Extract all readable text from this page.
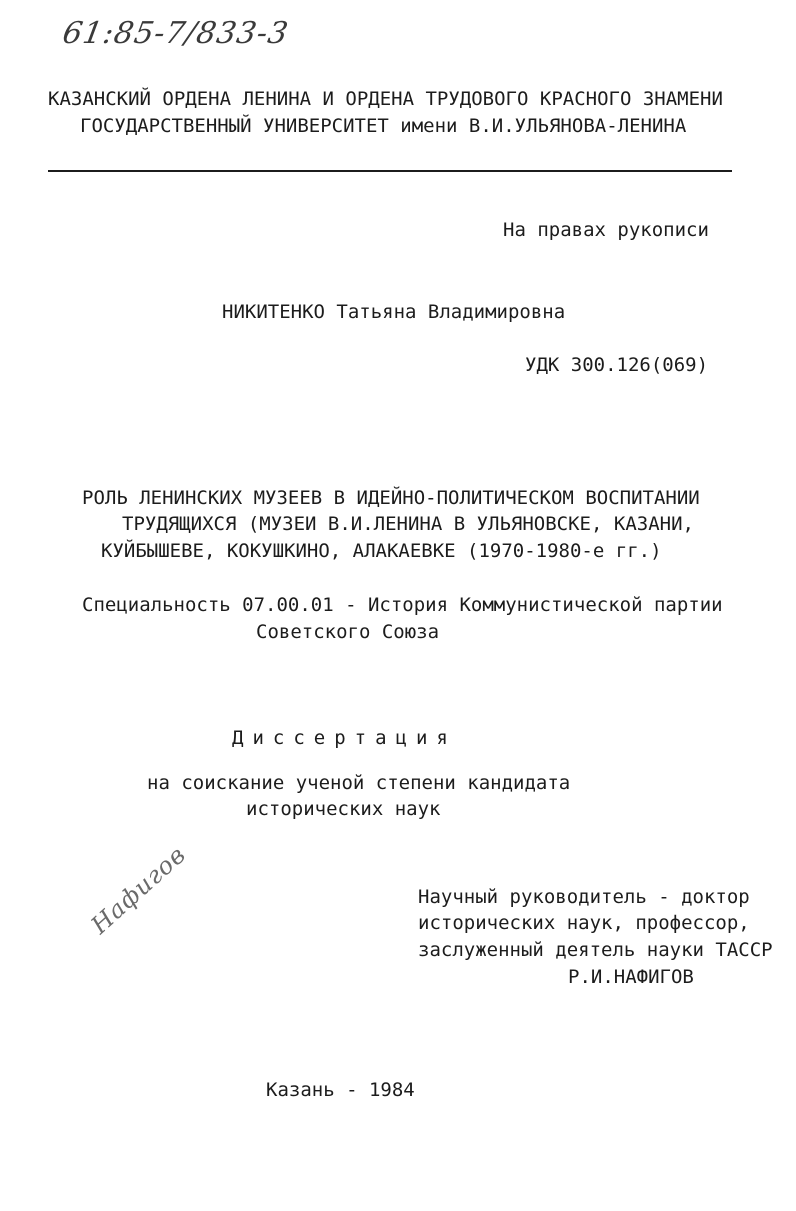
61:85-7/833-3
КАЗАНСКИЙ ОРДЕНА ЛЕНИНА И ОРДЕНА ТРУДОВОГО КРАСНОГО ЗНАМЕНИ
ГОСУДАРСТВЕННЫЙ УНИВЕРСИТЕТ имени В.И.УЛЬЯНОВА-ЛЕНИНА
На правах рукописи
НИКИТЕНКО Татьяна Владимировна
УДК 300.126(069)
РОЛЬ ЛЕНИНСКИХ МУЗЕЕВ В ИДЕЙНО-ПОЛИТИЧЕСКОМ ВОСПИТАНИИ
ТРУДЯЩИХСЯ (МУЗЕИ В.И.ЛЕНИНА В УЛЬЯНОВСКЕ, КАЗАНИ,
КУЙБЫШЕВЕ, КОКУШКИНО, АЛАКАЕВКЕ (1970-1980-е гг.)
Специальность 07.00.01 - История Коммунистической партии
Советского Союза
Диссертация
на соискание ученой степени кандидата
исторических наук
Научный руководитель - доктор
исторических наук, профессор,
заслуженный деятель науки ТАССР
Р.И.НАФИГОВ
Нафигов
Казань - 1984
